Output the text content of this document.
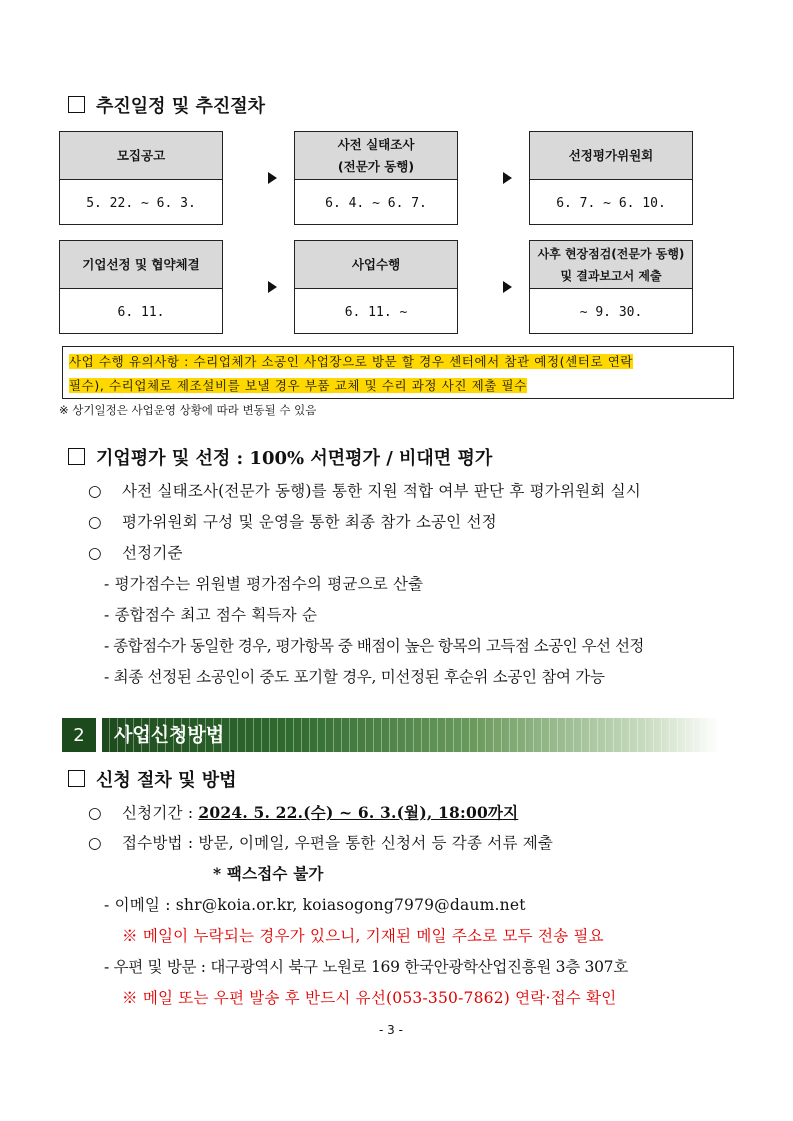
추진일정 및 추진절차
모집공고
5. 22. ~ 6. 3.
사전 실태조사
(전문가 동행)
6. 4. ~ 6. 7.
선정평가위원회
6. 7. ~ 6. 10.
기업선정 및 협약체결
6. 11.
사업수행
6. 11. ~
사후 현장점검(전문가 동행)
및 결과보고서 제출
~ 9. 30.
사업 수행 유의사항 : 수리업체가 소공인 사업장으로 방문 할 경우 센터에서 참관 예정(센터로 연락
필수), 수리업체로 제조설비를 보낼 경우 부품 교체 및 수리 과정 사진 제출 필수
※ 상기일정은 사업운영 상황에 따라 변동될 수 있음
기업평가 및 선정 : 100% 서면평가 / 비대면 평가
○ 사전 실태조사(전문가 동행)를 통한 지원 적합 여부 판단 후 평가위원회 실시
○ 평가위원회 구성 및 운영을 통한 최종 참가 소공인 선정
○ 선정기준
- 평가점수는 위원별 평가점수의 평균으로 산출
- 종합점수 최고 점수 획득자 순
- 종합점수가 동일한 경우, 평가항목 중 배점이 높은 항목의 고득점 소공인 우선 선정
- 최종 선정된 소공인이 중도 포기할 경우, 미선정된 후순위 소공인 참여 가능
2	사업신청방법
신청 절차 및 방법
○ 신청기간 : 2024. 5. 22.(수) ~ 6. 3.(월), 18:00까지
○ 접수방법 : 방문, 이메일, 우편을 통한 신청서 등 각종 서류 제출
* 팩스접수 불가
- 이메일 : shr@koia.or.kr, koiasogong7979@daum.net
※ 메일이 누락되는 경우가 있으니, 기재된 메일 주소로 모두 전송 필요
- 우편 및 방문 : 대구광역시 북구 노원로 169 한국안광학산업진흥원 3층 307호
※ 메일 또는 우편 발송 후 반드시 유선(053-350-7862) 연락·접수 확인
- 3 -
